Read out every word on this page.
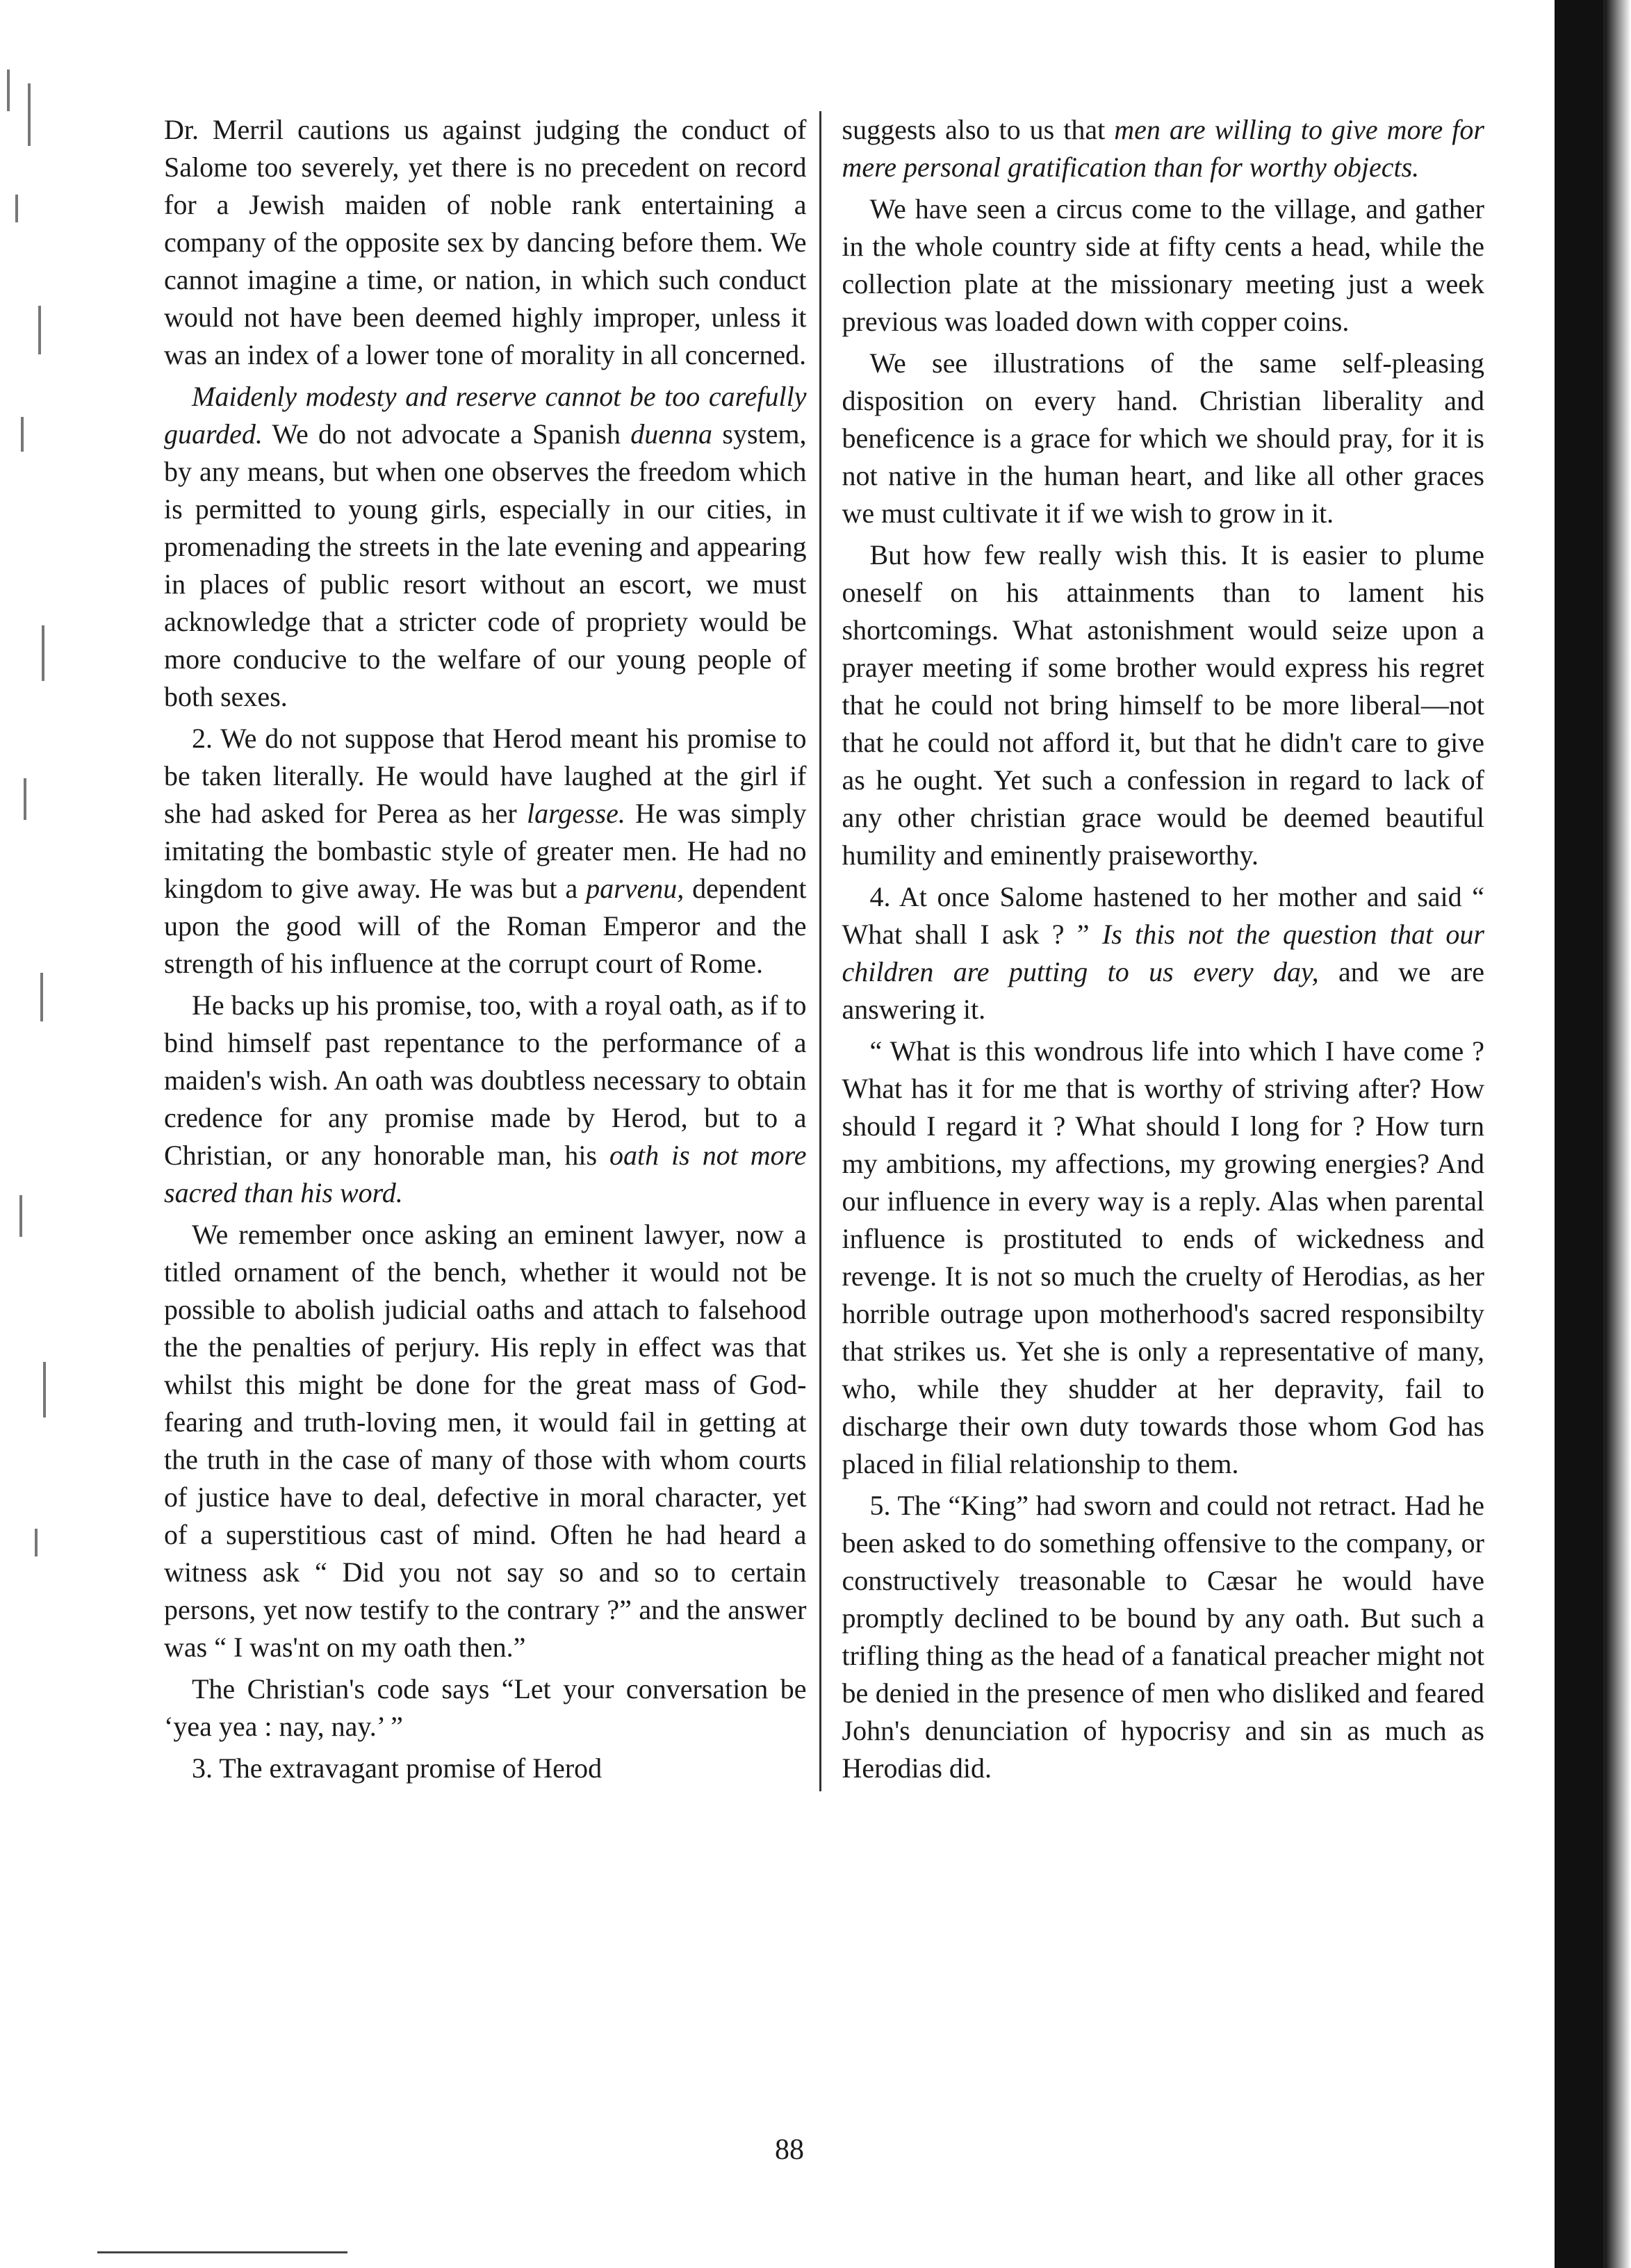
Dr. Merril cautions us against judging the conduct of Salome too severely, yet there is no precedent on record for a Jewish maiden of noble rank entertaining a company of the opposite sex by dancing before them. We cannot imagine a time, or nation, in which such conduct would not have been deemed highly improper, unless it was an index of a lower tone of morality in all concerned.

Maidenly modesty and reserve cannot be too carefully guarded. We do not advocate a Spanish duenna system, by any means, but when one observes the freedom which is permitted to young girls, especially in our cities, in promenading the streets in the late evening and appearing in places of public resort without an escort, we must acknowledge that a stricter code of propriety would be more conducive to the welfare of our young people of both sexes.

2. We do not suppose that Herod meant his promise to be taken literally. He would have laughed at the girl if she had asked for Perea as her largesse. He was simply imitating the bombastic style of greater men. He had no kingdom to give away. He was but a parvenu, dependent upon the good will of the Roman Emperor and the strength of his influence at the corrupt court of Rome.

He backs up his promise, too, with a royal oath, as if to bind himself past repentance to the performance of a maiden's wish. An oath was doubtless necessary to obtain credence for any promise made by Herod, but to a Christian, or any honorable man, his oath is not more sacred than his word.

We remember once asking an eminent lawyer, now a titled ornament of the bench, whether it would not be possible to abolish judicial oaths and attach to falsehood the the penalties of perjury. His reply in effect was that whilst this might be done for the great mass of God-fearing and truth-loving men, it would fail in getting at the truth in the case of many of those with whom courts of justice have to deal, defective in moral character, yet of a superstitious cast of mind. Often he had heard a witness ask “ Did you not say so and so to certain persons, yet now testify to the contrary ?” and the answer was “ I was'nt on my oath then.”

The Christian's code says “Let your conversation be ‘yea yea : nay, nay.’ ”

3. The extravagant promise of Herod

suggests also to us that men are willing to give more for mere personal gratification than for worthy objects.

We have seen a circus come to the village, and gather in the whole country side at fifty cents a head, while the collection plate at the missionary meeting just a week previous was loaded down with copper coins.

We see illustrations of the same self-pleasing disposition on every hand. Christian liberality and beneficence is a grace for which we should pray, for it is not native in the human heart, and like all other graces we must cultivate it if we wish to grow in it.

But how few really wish this. It is easier to plume oneself on his attainments than to lament his shortcomings. What astonishment would seize upon a prayer meeting if some brother would express his regret that he could not bring himself to be more liberal—not that he could not afford it, but that he didn't care to give as he ought. Yet such a confession in regard to lack of any other christian grace would be deemed beautiful humility and eminently praiseworthy.

4. At once Salome hastened to her mother and said “ What shall I ask ? ” Is this not the question that our children are putting to us every day, and we are answering it.

“ What is this wondrous life into which I have come ? What has it for me that is worthy of striving after? How should I regard it ? What should I long for ? How turn my ambitions, my affections, my growing energies? And our influence in every way is a reply. Alas when parental influence is prostituted to ends of wickedness and revenge. It is not so much the cruelty of Herodias, as her horrible outrage upon motherhood's sacred responsibilty that strikes us. Yet she is only a representative of many, who, while they shudder at her depravity, fail to discharge their own duty towards those whom God has placed in filial relationship to them.

5. The “King” had sworn and could not retract. Had he been asked to do something offensive to the company, or constructively treasonable to Cæsar he would have promptly declined to be bound by any oath. But such a trifling thing as the head of a fanatical preacher might not be denied in the presence of men who disliked and feared John's denunciation of hypocrisy and sin as much as Herodias did.

88
